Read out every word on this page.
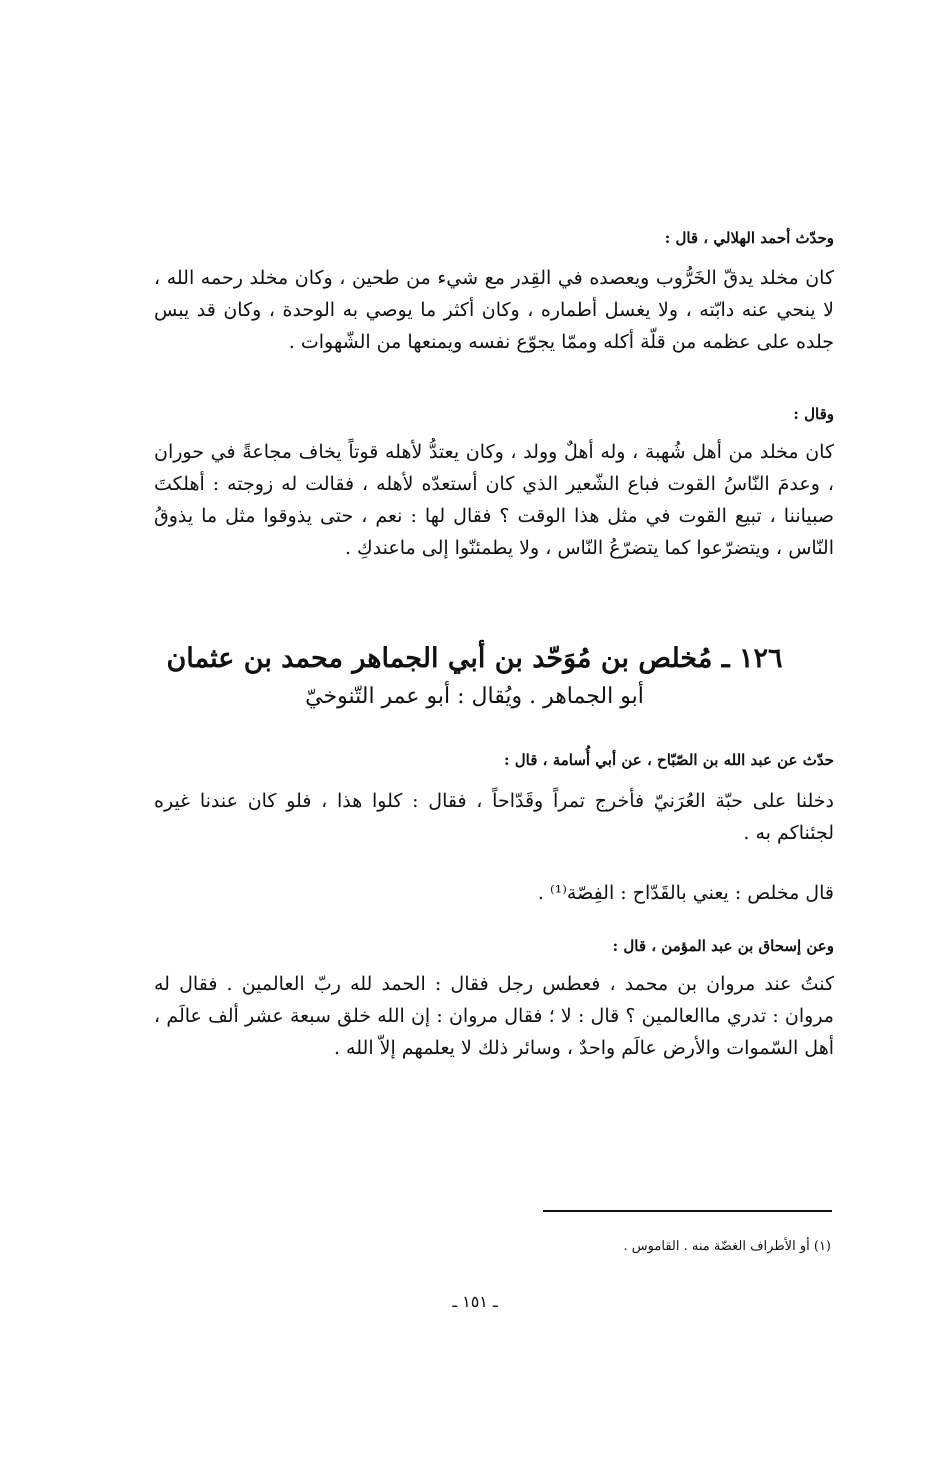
وحدّث أحمد الهلالي ، قال :
كان مخلد يدقّ الخَرُّوب ويعصده في القِدر مع شيء من طحين ، وكان مخلد رحمه الله ، لا ينحي عنه دابّته ، ولا يغسل أطماره ، وكان أكثر ما يوصي به الوحدة ، وكان قد يبس جلده على عظمه من قلّة أكله وممّا يجوّع نفسه ويمنعها من الشّهوات .
وقال :
كان مخلد من أهل شُهبة ، وله أهلٌ وولد ، وكان يعتدُّ لأهله قوتاً يخاف مجاعةً في حوران ، وعدمَ النّاسُ القوت فباع الشّعير الذي كان أستعدّه لأهله ، فقالت له زوجته : أهلكتَ صبياننا ، تبيع القوت في مثل هذا الوقت ؟ فقال لها : نعم ، حتى يذوقوا مثل ما يذوقُ النّاس ، ويتضرّعوا كما يتضرّعُ النّاس ، ولا يطمئنّوا إلى ماعندكِ .
١٢٦ ـ مُخلص بن مُوَحّد بن أبي الجماهر محمد بن عثمان
أبو الجماهر . ويُقال : أبو عمر التّنوخيّ
حدّث عن عبد الله بن الصّبّاح ، عن أبي أُسامة ، قال :
دخلنا على حبّة العُرَنيّ فأخرج تمراً وقَدّاحاً ، فقال : كلوا هذا ، فلو كان عندنا غيره لجئناكم به .
قال مخلص : يعني بالقَدّاح : الفِصّة⁽¹⁾ .
وعن إسحاق بن عبد المؤمن ، قال :
كنتُ عند مروان بن محمد ، فعطس رجل فقال : الحمد لله ربّ العالمين . فقال له مروان : تدري ماالعالمين ؟ قال : لا ؛ فقال مروان : إن الله خلق سبعة عشر ألف عالَم ، أهل السّموات والأرض عالَم واحدٌ ، وسائر ذلك لا يعلمهم إلاّ الله .
(١) أو الأطراف الغضّة منه . القاموس .
ـ ١٥١ ـ
